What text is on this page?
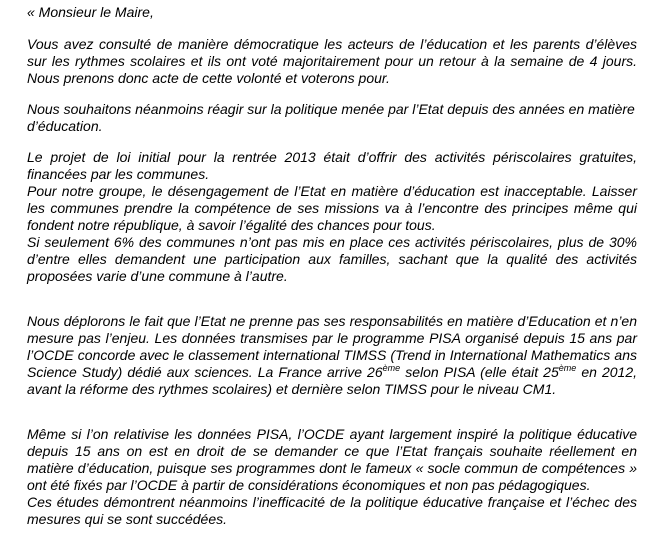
« Monsieur le Maire,

Vous avez consulté de manière démocratique les acteurs de l’éducation et les parents d’élèves sur les rythmes scolaires et ils ont voté majoritairement pour un retour à la semaine de 4 jours. Nous prenons donc acte de cette volonté et voterons pour.

Nous souhaitons néanmoins réagir sur la politique menée par l’Etat depuis des années en matière d’éducation.

Le projet de loi initial pour la rentrée 2013 était d’offrir des activités périscolaires gratuites, financées par les communes.

Pour notre groupe, le désengagement de l’Etat en matière d’éducation est inacceptable. Laisser les communes prendre la compétence de ses missions va à l’encontre des principes même qui fondent notre république, à savoir l’égalité des chances pour tous.

Si seulement 6% des communes n’ont pas mis en place ces activités périscolaires, plus de 30% d’entre elles demandent une participation aux familles, sachant que la qualité des activités proposées varie d’une commune à l’autre.

Nous déplorons le fait que l’Etat ne prenne pas ses responsabilités en matière d’Education et n’en mesure pas l’enjeu. Les données transmises par le programme PISA organisé depuis 15 ans par l’OCDE concorde avec le classement international TIMSS (Trend in International Mathematics ans Science Study) dédié aux sciences. La France arrive 26ème selon PISA (elle était 25ème en 2012, avant la réforme des rythmes scolaires) et dernière selon TIMSS pour le niveau CM1.

Même si l’on relativise les données PISA, l’OCDE ayant largement inspiré la politique éducative depuis 15 ans on est en droit de se demander ce que l’Etat français souhaite réellement en matière d’éducation, puisque ses programmes dont le fameux « socle commun de compétences » ont été fixés par l’OCDE à partir de considérations économiques et non pas pédagogiques.

Ces études démontrent néanmoins l’inefficacité de la politique éducative française et l’échec des mesures qui se sont succédées.
